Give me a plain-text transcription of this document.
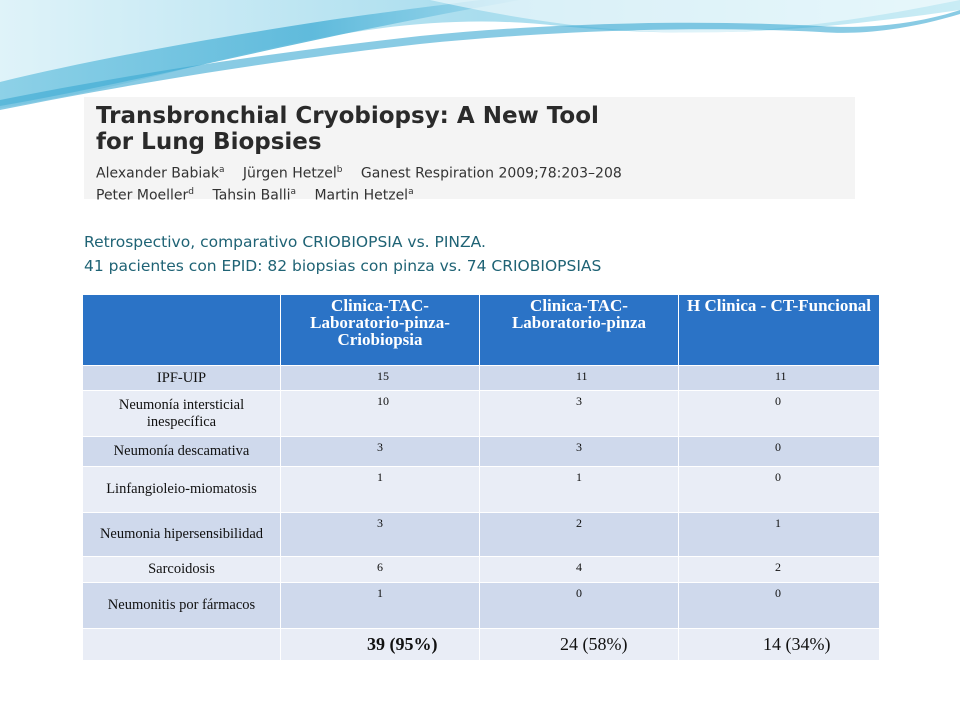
Transbronchial Cryobiopsy: A New Tool
for Lung Biopsies

Alexander Babiak$^a$ Jürgen Hetzel$^b$ Ganest Respiration 2009;78:203–208
Peter Moeller$^d$ Tahsin Balli$^a$ Martin Hetzel$^a$
Retrospectivo, comparativo CRIOBIOPSIA vs. PINZA.
41 pacientes con EPID: 82 biopsias con pinza vs. 74 CRIOBIOPSIAS
	Clinica-TAC-Laboratorio-pinza-Criobiopsia	Clinica-TAC-Laboratorio-pinza	H Clinica - CT-Funcional
IPF-UIP	15	11	11
Neumonía intersticial inespecífica	10	3	0
Neumonía descamativa	3	3	0
Linfangioleio-miomatosis	1	1	0
Neumonia hipersensibilidad	3	2	1
Sarcoidosis	6	4	2
Neumonitis por fármacos	1	0	0
	39 (95%)	24 (58%)	14 (34%)
